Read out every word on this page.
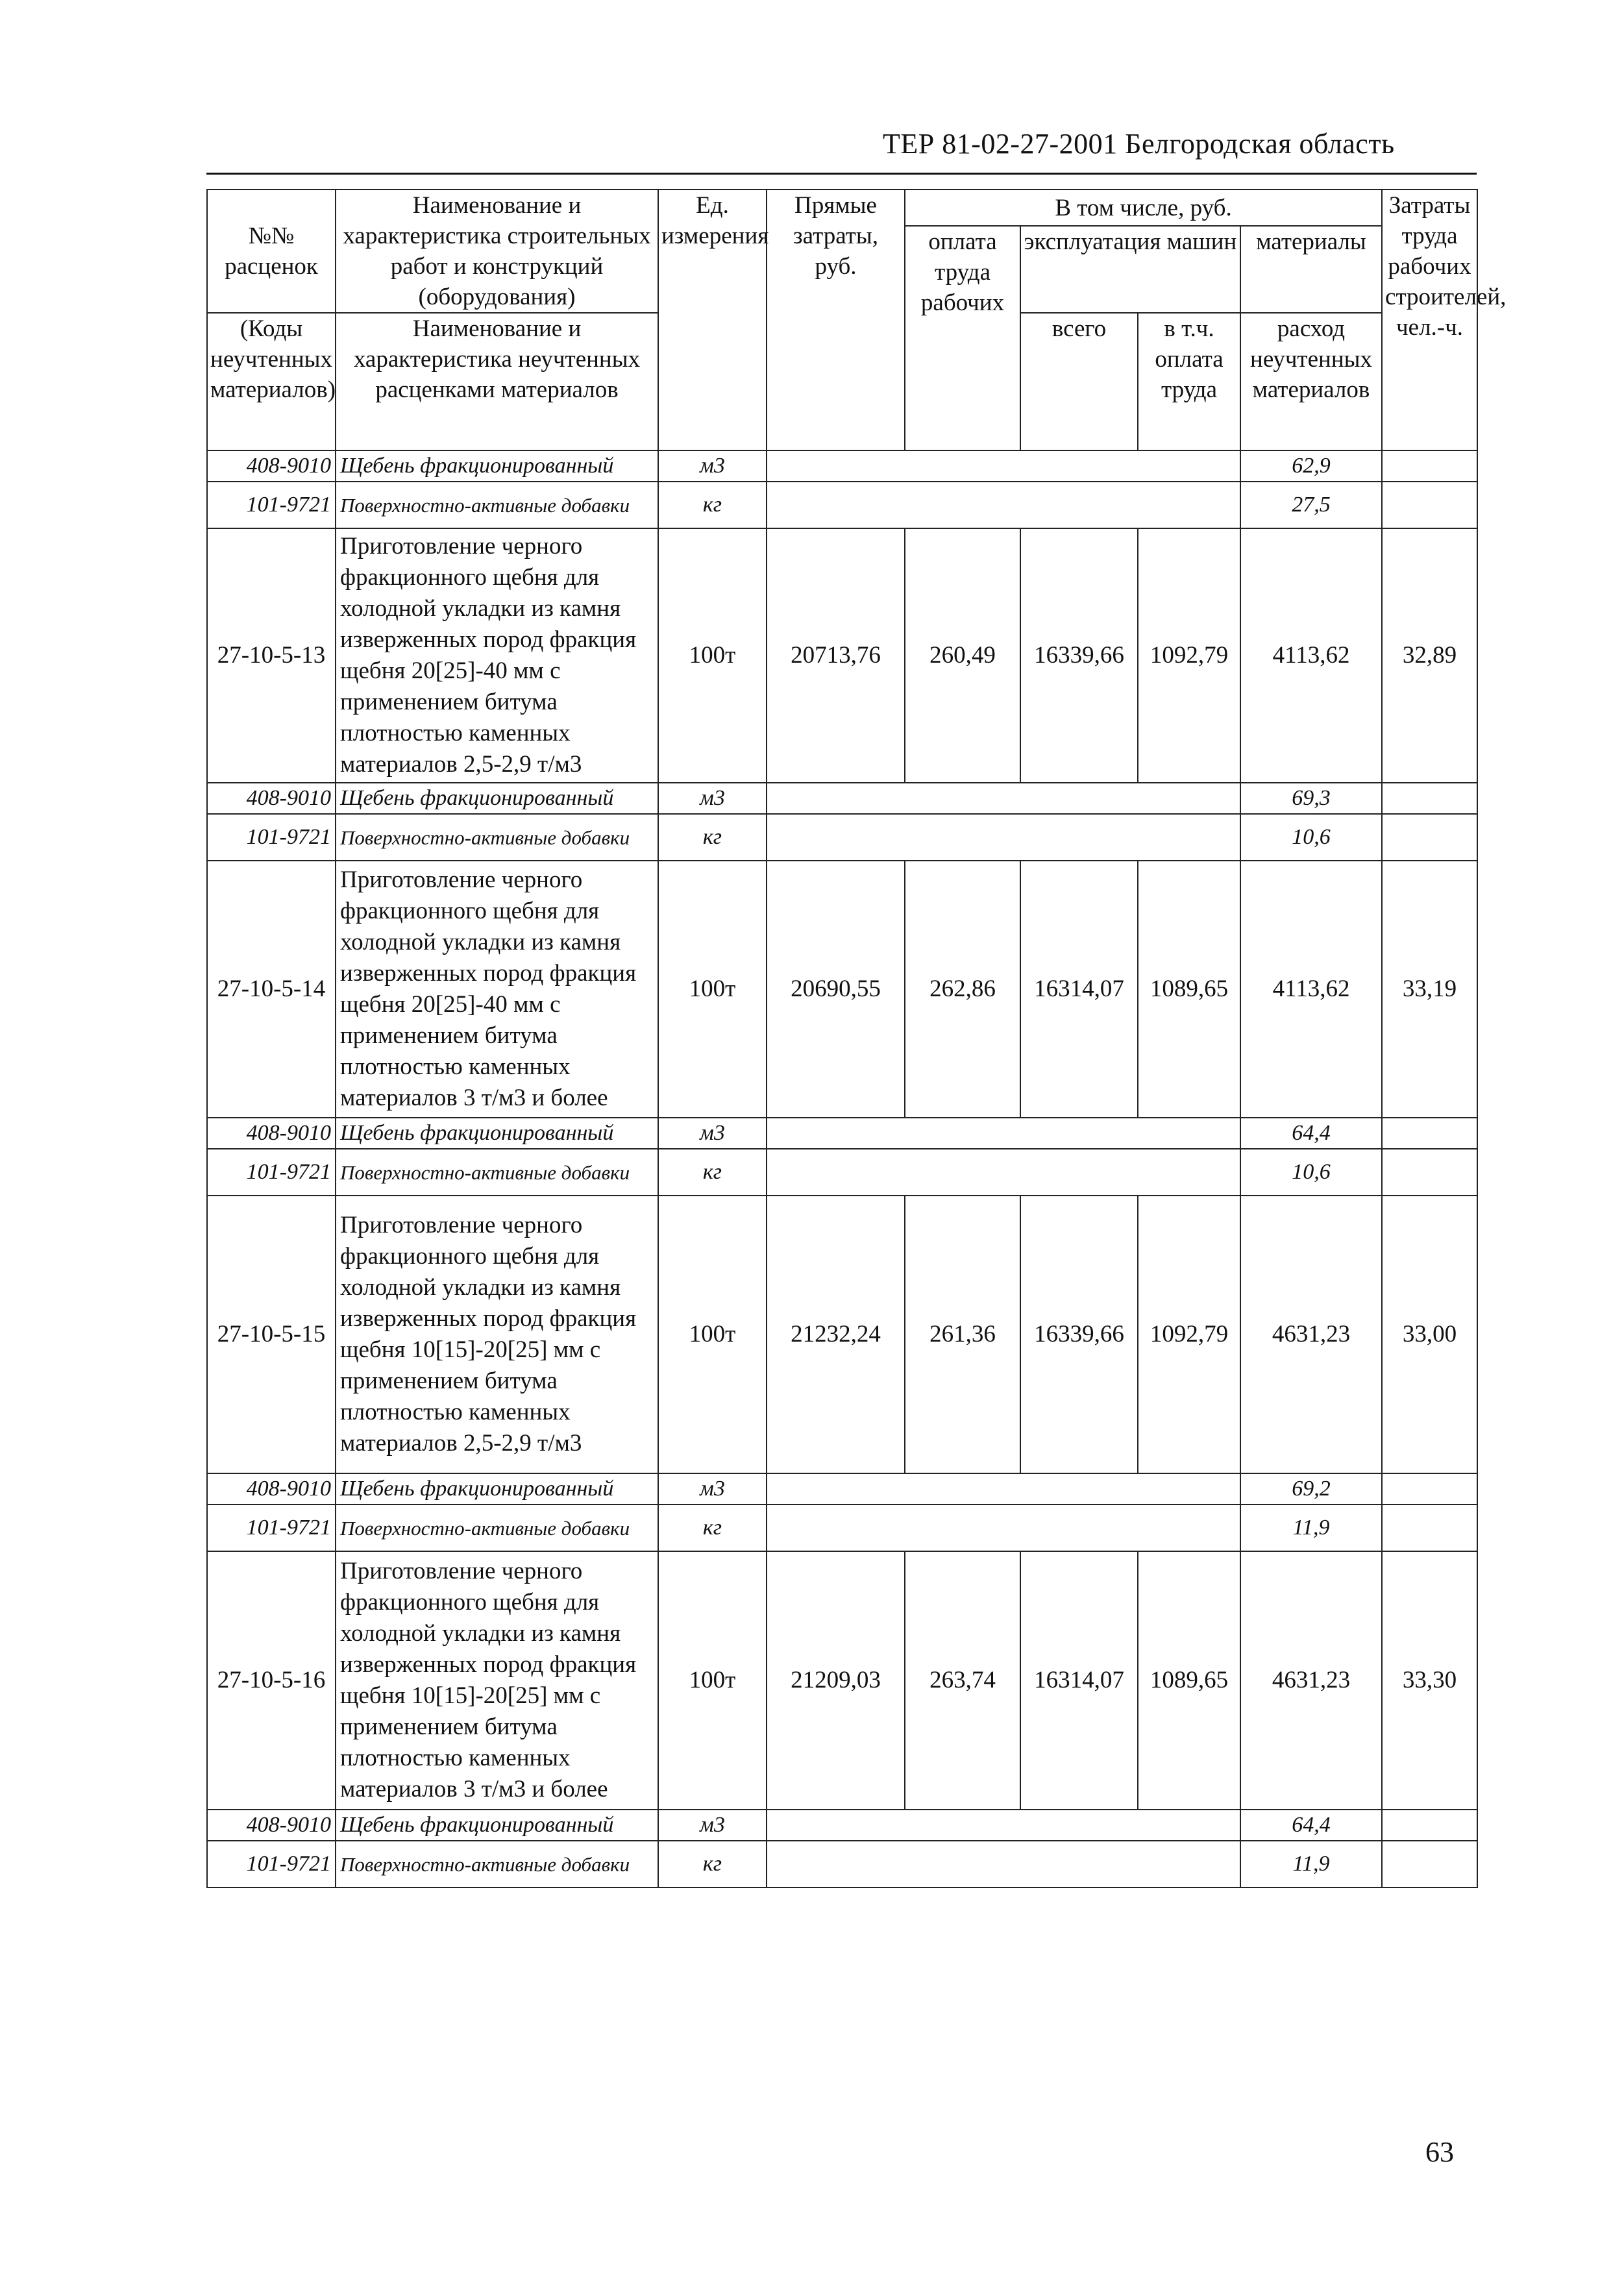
ТЕР 81-02-27-2001 Белгородская область
№№ расценок	Наименование и характеристика строительных работ и конструкций (оборудования)	Ед. измерения	Прямые затраты, руб.	В том числе, руб.				Затраты труда рабочих строителей, чел.-ч.
				оплата труда рабочих	эксплуатация машин		материалы	

(Коды неучтенных материалов)	Наименование и характеристика неучтенных расценками материалов				всего	в т.ч. оплата труда	расход неучтенных материалов	

408-9010	Щебень фракционированный	м3					62,9	
101-9721	Поверхностно-активные добавки	кг					27,5	
27-10-5-13	Приготовление черного фракционного щебня для холодной укладки из камня изверженных пород фракция щебня 20[25]-40 мм с применением битума плотностью каменных материалов 2,5-2,9 т/м3	100т	20713,76	260,49	16339,66	1092,79	4113,62	32,89
408-9010	Щебень фракционированный	м3					69,3	
101-9721	Поверхностно-активные добавки	кг					10,6	
27-10-5-14	Приготовление черного фракционного щебня для холодной укладки из камня изверженных пород фракция щебня 20[25]-40 мм с применением битума плотностью каменных материалов 3 т/м3 и более	100т	20690,55	262,86	16314,07	1089,65	4113,62	33,19
408-9010	Щебень фракционированный	м3					64,4	
101-9721	Поверхностно-активные добавки	кг					10,6	
27-10-5-15	Приготовление черного фракционного щебня для холодной укладки из камня изверженных пород фракция щебня 10[15]-20[25] мм с применением битума плотностью каменных материалов 2,5-2,9 т/м3	100т	21232,24	261,36	16339,66	1092,79	4631,23	33,00
408-9010	Щебень фракционированный	м3					69,2	
101-9721	Поверхностно-активные добавки	кг					11,9	
27-10-5-16	Приготовление черного фракционного щебня для холодной укладки из камня изверженных пород фракция щебня 10[15]-20[25] мм с применением битума плотностью каменных материалов 3 т/м3 и более	100т	21209,03	263,74	16314,07	1089,65	4631,23	33,30
408-9010	Щебень фракционированный	м3					64,4	
101-9721	Поверхностно-активные добавки	кг					11,9	
63
